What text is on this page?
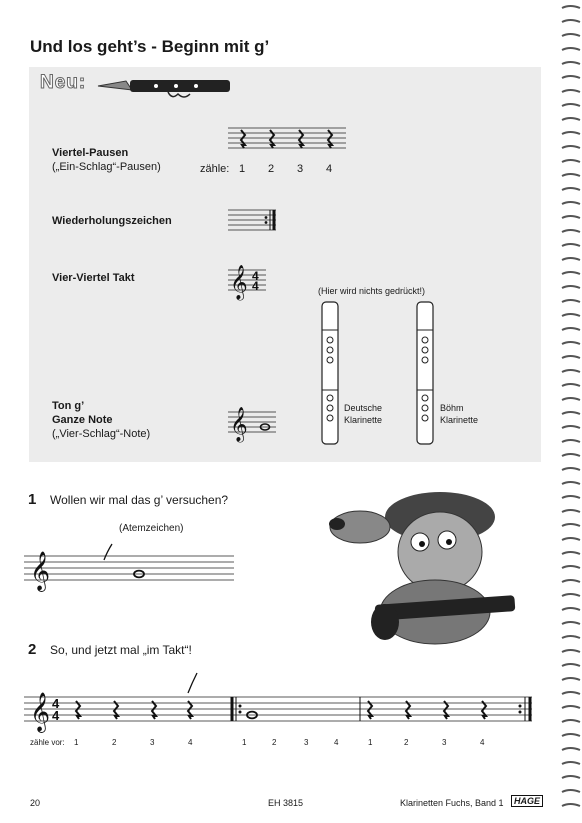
Und los geht’s - Beginn mit g’
Neu:
Viertel-Pausen
(„Ein-Schlag“-Pausen)
Wiederholungszeichen
Vier-Viertel Takt
Ton g’
Ganze Note
(„Vier-Schlag“-Note)
zähle: 1 2 3 4
𝄞 4
4
𝄞
(Hier wird nichts gedrückt!)
Deutsche
Klarinette
Böhm
Klarinette
1 Wollen wir mal das g’ versuchen?
(Atemzeichen)
𝄞
2 So, und jetzt mal „im Takt“!
𝄞 4
4
zähle vor: 1	2	3	4	1	2	3	4	1	2	3	4
20	EH 3815	Klarinetten Fuchs, Band 1	HAGE
